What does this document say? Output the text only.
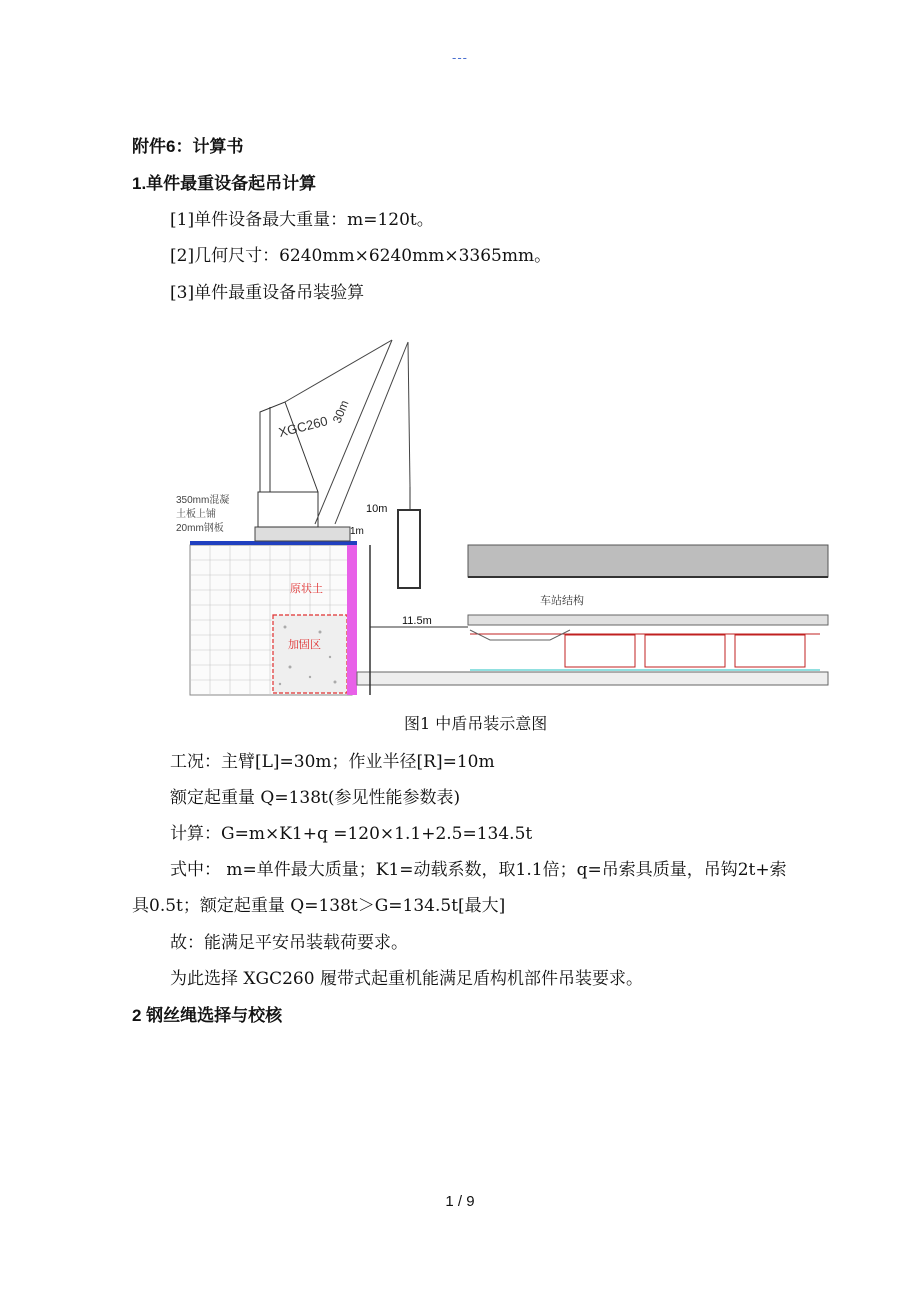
---
附件6：计算书
1.单件最重设备起吊计算
[1]单件设备最大重量：m=120t。
[2]几何尺寸：6240mm×6240mm×3365mm。
[3]单件最重设备吊装验算
XGC260
30m
10m
1m
350mm混凝
土板上铺
20mm钢板
原状土
加固区
车站结构
11.5m
图1 中盾吊装示意图
工况：主臂[L]=30m；作业半径[R]=10m
额定起重量 Q=138t(参见性能参数表)
计算：G=m×K1+q =120×1.1+2.5=134.5t
式中： m=单件最大质量；K1=动载系数，取1.1倍；q=吊索具质量，吊钩2t+索
具0.5t；额定起重量 Q=138t＞G=134.5t[最大]
故：能满足平安吊装载荷要求。
为此选择 XGC260 履带式起重机能满足盾构机部件吊装要求。
2 钢丝绳选择与校核
1 / 9
